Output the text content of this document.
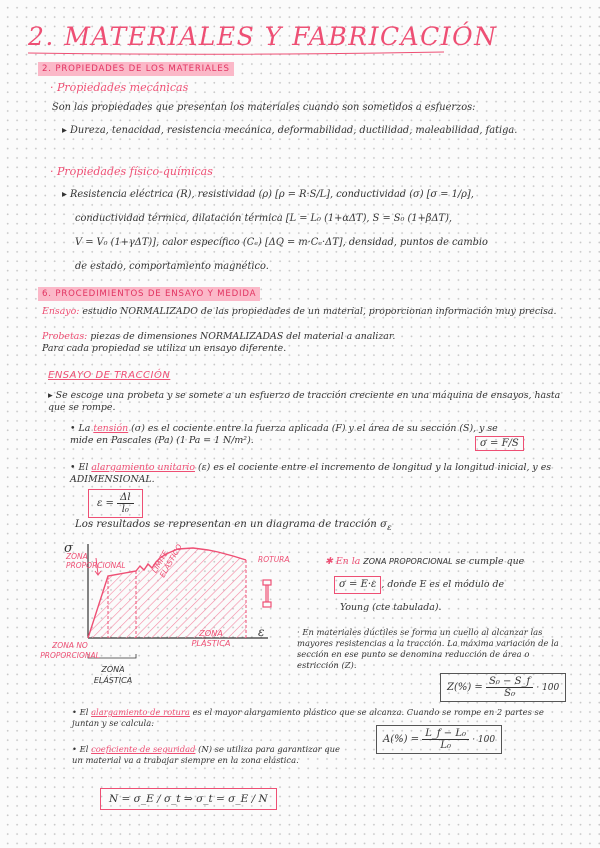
2. MATERIALES Y FABRICACIÓN
2. PROPIEDADES DE LOS MATERIALES
· Propiedades mecánicas
Son las propiedades que presentan los materiales cuando son sometidos a esfuerzos:
▸ Dureza, tenacidad, resistencia mecánica, deformabilidad, ductilidad, maleabilidad, fatiga.
· Propiedades físico-químicas
▸ Resistencia eléctrica (R), resistividad (ρ) [ρ = R·S/L], conductividad (σ) [σ = 1/ρ],
conductividad térmica, dilatación térmica [L = L₀ (1+αΔT), S = S₀ (1+βΔT),
V = V₀ (1+γΔT)], calor específico (Cₑ) [ΔQ = m·Cₑ·ΔT], densidad, puntos de cambio
de estado, comportamiento magnético.
6. PROCEDIMIENTOS DE ENSAYO Y MEDIDA
Ensayo: estudio NORMALIZADO de las propiedades de un material, proporcionan información muy precisa.
Probetas: piezas de dimensiones NORMALIZADAS del material a analizar.
Para cada propiedad se utiliza un ensayo diferente.
ENSAYO DE TRACCIÓN
▸ Se escoge una probeta y se somete a un esfuerzo de tracción creciente en una máquina de ensayos, hasta que se rompe.
• La tensión (σ) es el cociente entre la fuerza aplicada (F) y el área de su sección (S), y se mide en Pascales (Pa) (1 Pa = 1 N/m²).	σ = F/S
• El alargamiento unitario (ε) es el cociente entre el incremento de longitud y la longitud inicial, y es ADIMENSIONAL.
$\varepsilon = \frac{\Delta l}{\text{l₀}}$
Los resultados se representan en un diagrama de tracción $\sigma_\varepsilon$
σ
ε
ZONA PROPORCIONAL	LÍMITE ELÁSTICO	ROTURA
ZONA PLÁSTICA
ZONA NO PROPORCIONAL
ZONA ELÁSTICA
✱ En la ZONA PROPORCIONAL se cumple que
σ = E·ε , donde E es el módulo de
Young (cte tabulada).
· En materiales dúctiles se forma un cuello al alcanzar las mayores resistencias a la tracción. La máxima variación de la sección en ese punto se denomina reducción de área o estricción (Z).
$Z(\%) = \frac{\text{S₀ − S\_f}}{\text{S₀}} \cdot 100$
• El alargamiento de rotura es el mayor alargamiento plástico que se alcanza. Cuando se rompe en 2 partes se juntan y se calcula:
$A(\%) = \frac{\text{L\_f − L₀}}{\text{L₀}} \cdot 100$
• El coeficiente de seguridad (N) se utiliza para garantizar que un material va a trabajar siempre en la zona elástica.
N = σ_E / σ_t ⇒ σ_t = σ_E / N
